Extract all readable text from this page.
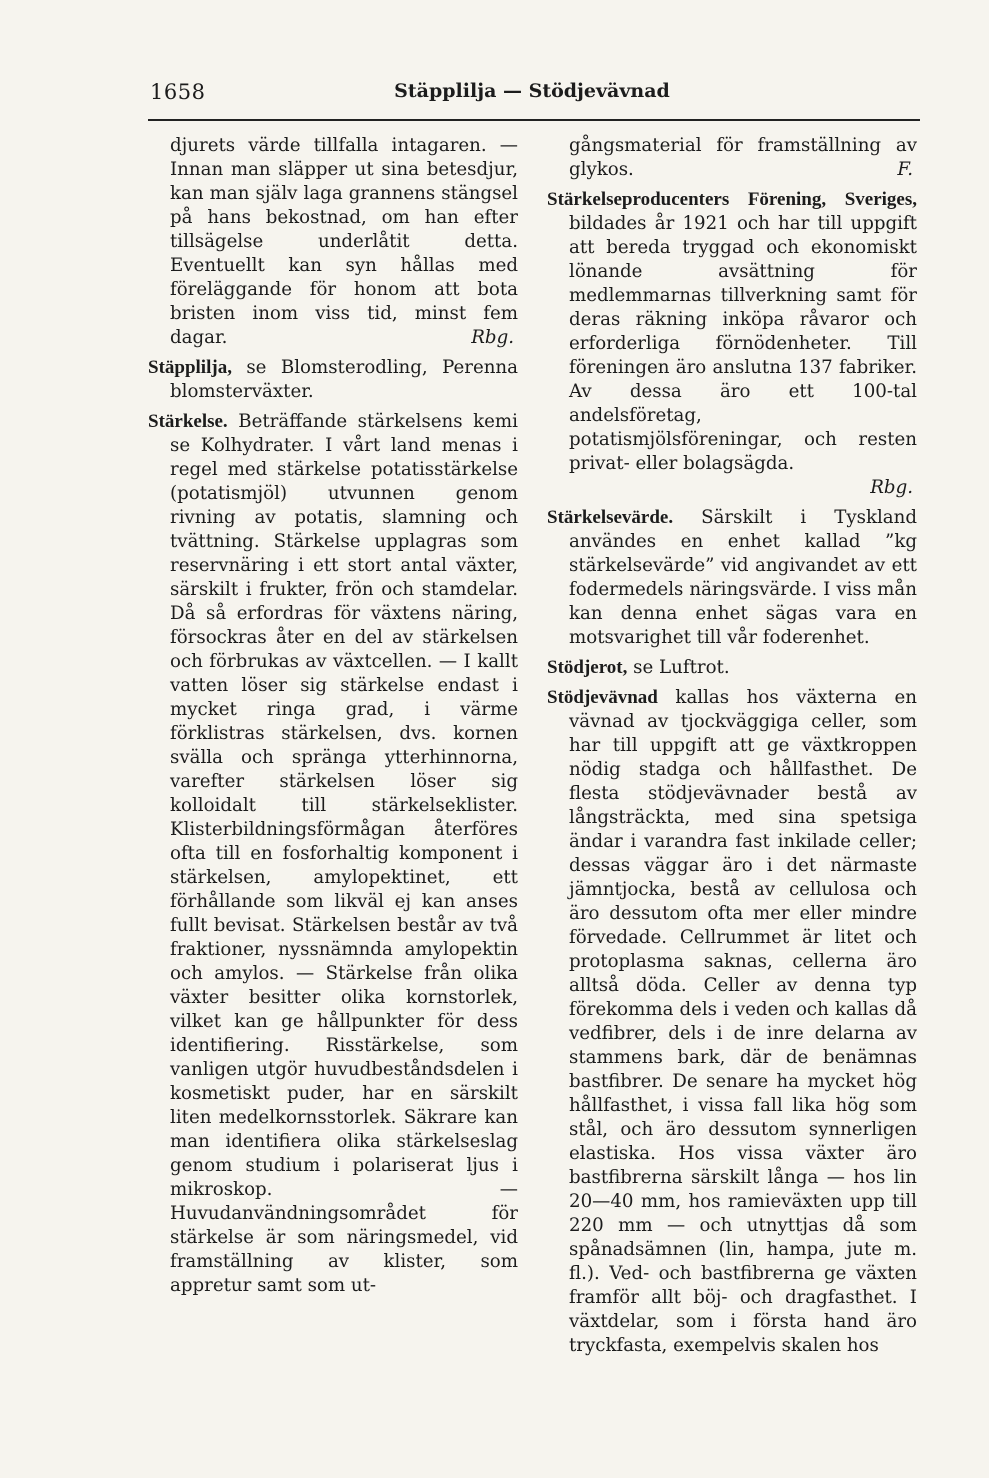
1658	Stäpplilja — Stödjevävnad

djurets värde tillfalla intagaren. — Innan man släpper ut sina betesdjur, kan man själv laga grannens stängsel på hans bekostnad, om han efter tillsägelse underlåtit detta. Eventuellt kan syn hållas med föreläggande för honom att bota bristen inom viss tid, minst fem dagar.	Rbg.

Stäpplilja, se Blomsterodling, Perenna blomsterväxter.

Stärkelse. Beträffande stärkelsens kemi se Kolhydrater. I vårt land menas i regel med stärkelse potatisstärkelse (potatismjöl) utvunnen genom rivning av potatis, slamning och tvättning. Stärkelse upplagras som reservnäring i ett stort antal växter, särskilt i frukter, frön och stamdelar. Då så erfordras för växtens näring, försockras åter en del av stärkelsen och förbrukas av växtcellen. — I kallt vatten löser sig stärkelse endast i mycket ringa grad, i värme förklistras stärkelsen, dvs. kornen svälla och spränga ytterhinnorna, varefter stärkelsen löser sig kolloidalt till stärkelseklister. Klisterbildningsförmågan återföres ofta till en fosforhaltig komponent i stärkelsen, amylopektinet, ett förhållande som likväl ej kan anses fullt bevisat. Stärkelsen består av två fraktioner, nyssnämnda amylopektin och amylos. — Stärkelse från olika växter besitter olika kornstorlek, vilket kan ge hållpunkter för dess identifiering. Risstärkelse, som vanligen utgör huvudbeståndsdelen i kosmetiskt puder, har en särskilt liten medelkornsstorlek. Säkrare kan man identifiera olika stärkelseslag genom studium i polariserat ljus i mikroskop. — Huvudanvändningsområdet för stärkelse är som näringsmedel, vid framställning av klister, som appretur samt som ut-

gångsmaterial för framställning av glykos.	F.

Stärkelseproducenters Förening, Sveriges, bildades år 1921 och har till uppgift att bereda tryggad och ekonomiskt lönande avsättning för medlemmarnas tillverkning samt för deras räkning inköpa råvaror och erforderliga förnödenheter. Till föreningen äro anslutna 137 fabriker. Av dessa äro ett 100-tal andelsföretag, potatismjölsföreningar, och resten privat- eller bolagsägda.
Rbg.

Stärkelsevärde. Särskilt i Tyskland användes en enhet kallad ”kg stärkelsevärde” vid angivandet av ett fodermedels näringsvärde. I viss mån kan denna enhet sägas vara en motsvarighet till vår foderenhet.

Stödjerot, se Luftrot.

Stödjevävnad kallas hos växterna en vävnad av tjockväggiga celler, som har till uppgift att ge växtkroppen nödig stadga och hållfasthet. De flesta stödjevävnader bestå av långsträckta, med sina spetsiga ändar i varandra fast inkilade celler; dessas väggar äro i det närmaste jämntjocka, bestå av cellulosa och äro dessutom ofta mer eller mindre förvedade. Cellrummet är litet och protoplasma saknas, cellerna äro alltså döda. Celler av denna typ förekomma dels i veden och kallas då vedfibrer, dels i de inre delarna av stammens bark, där de benämnas bastfibrer. De senare ha mycket hög hållfasthet, i vissa fall lika hög som stål, och äro dessutom synnerligen elastiska. Hos vissa växter äro bastfibrerna särskilt långa — hos lin 20—40 mm, hos ramieväxten upp till 220 mm — och utnyttjas då som spånadsämnen (lin, hampa, jute m. fl.). Ved- och bastfibrerna ge växten framför allt böj- och dragfasthet. I växtdelar, som i första hand äro tryckfasta, exempelvis skalen hos
